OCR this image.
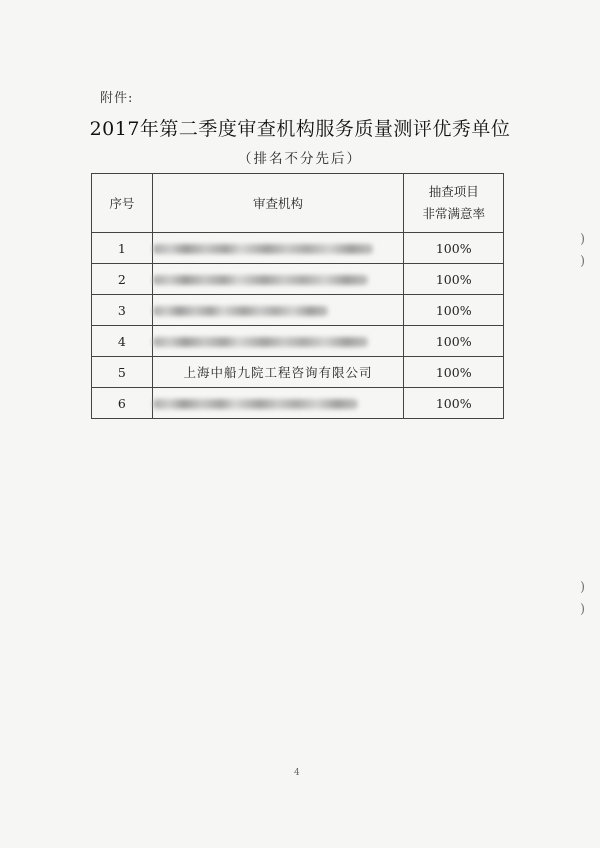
附件:
2017年第二季度审查机构服务质量测评优秀单位
（排名不分先后）
序号	审查机构	抽查项目
非常满意率

1		100%
2		100%
3		100%
4		100%
5	上海中船九院工程咨询有限公司	100%
6		100%
)
)
)
)
4
